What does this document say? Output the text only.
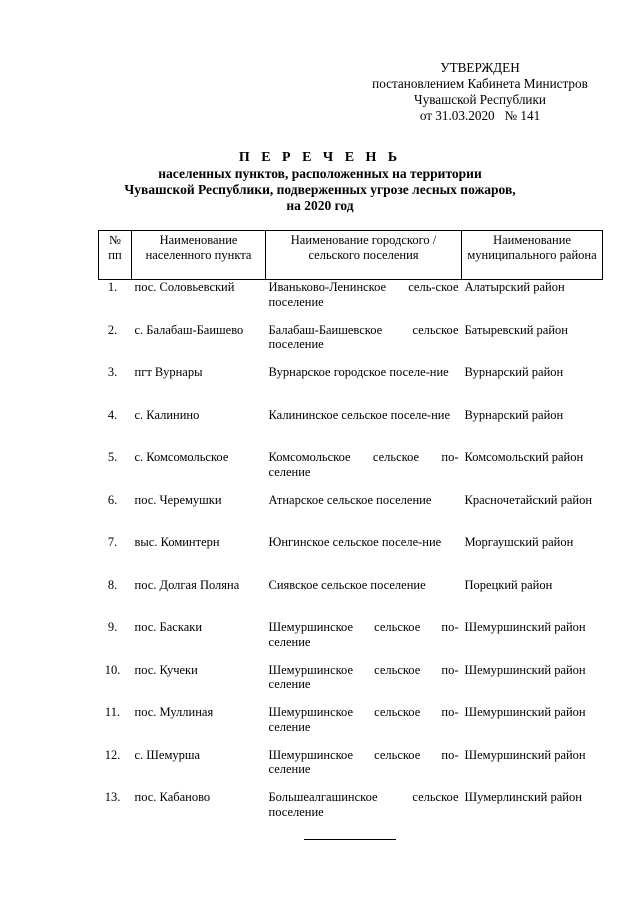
УТВЕРЖДЕН
постановлением Кабинета Министров
Чувашской Республики
от 31.03.2020   № 141
П Е Р Е Ч Е Н Ь
населенных пунктов, расположенных на территории
Чувашской Республики, подверженных угрозе лесных пожаров,
на 2020 год
№ пп	Наименование населенного пункта	Наименование городского / сельского поселения	Наименование муниципального района
1.	пос. Соловьевский	Иваньково-Ленинское сель-ское поселение	Алатырский район
2.	с. Балабаш-Баишево	Балабаш-Баишевское сельское поселение	Батыревский район
3.	пгт Вурнары	Вурнарское городское поселе-ние	Вурнарский район
4.	с. Калинино	Калининское сельское поселе-ние	Вурнарский район
5.	с. Комсомольское	Комсомольское сельское по-селение	Комсомольский район
6.	пос. Черемушки	Атнарское сельское поселение	Красночетайский район
7.	выс. Коминтерн	Юнгинское сельское поселе-ние	Моргаушский район
8.	пос. Долгая Поляна	Сиявское сельское поселение	Порецкий район
9.	пос. Баскаки	Шемуршинское сельское по-селение	Шемуршинский район
10.	пос. Кучеки	Шемуршинское сельское по-селение	Шемуршинский район
11.	пос. Муллиная	Шемуршинское сельское по-селение	Шемуршинский район
12.	с. Шемурша	Шемуршинское сельское по-селение	Шемуршинский район
13.	пос. Кабаново	Большеалгашинское сельское поселение	Шумерлинский район
